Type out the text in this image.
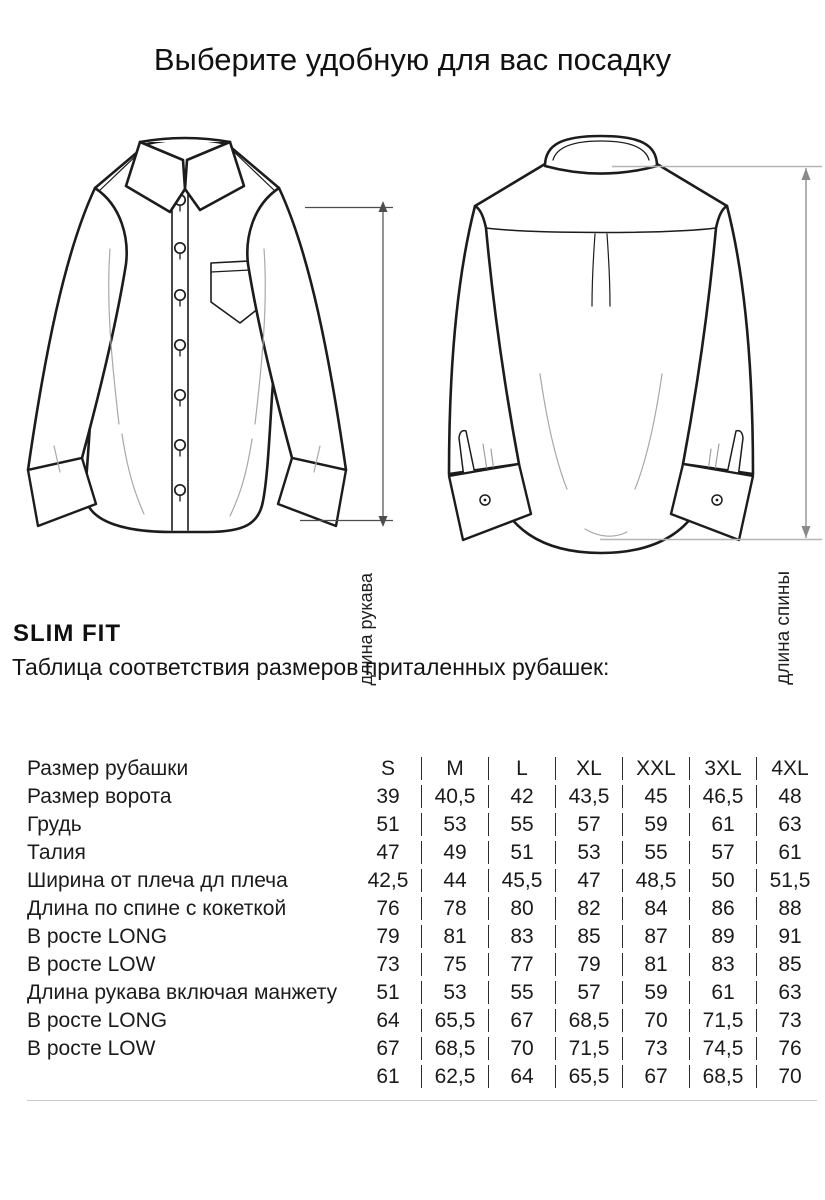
Выберите удобную для вас посадку
длина рукава	длина спины
SLIM FIT
Таблица соответствия размеров приталенных рубашек:
Размер рубашки	S	M	L	XL	XXL	3XL	4XL
Размер ворота	39	40,5	42	43,5	45	46,5	48
Грудь	51	53	55	57	59	61	63
Талия	47	49	51	53	55	57	61
Ширина от плеча дл плеча	42,5	44	45,5	47	48,5	50	51,5
Длина по спине с кокеткой	76	78	80	82	84	86	88
В росте LONG	79	81	83	85	87	89	91
В росте LOW	73	75	77	79	81	83	85
Длина рукава включая манжету	51	53	55	57	59	61	63
В росте LONG	64	65,5	67	68,5	70	71,5	73
В росте LOW	67	68,5	70	71,5	73	74,5	76
	61	62,5	64	65,5	67	68,5	70
